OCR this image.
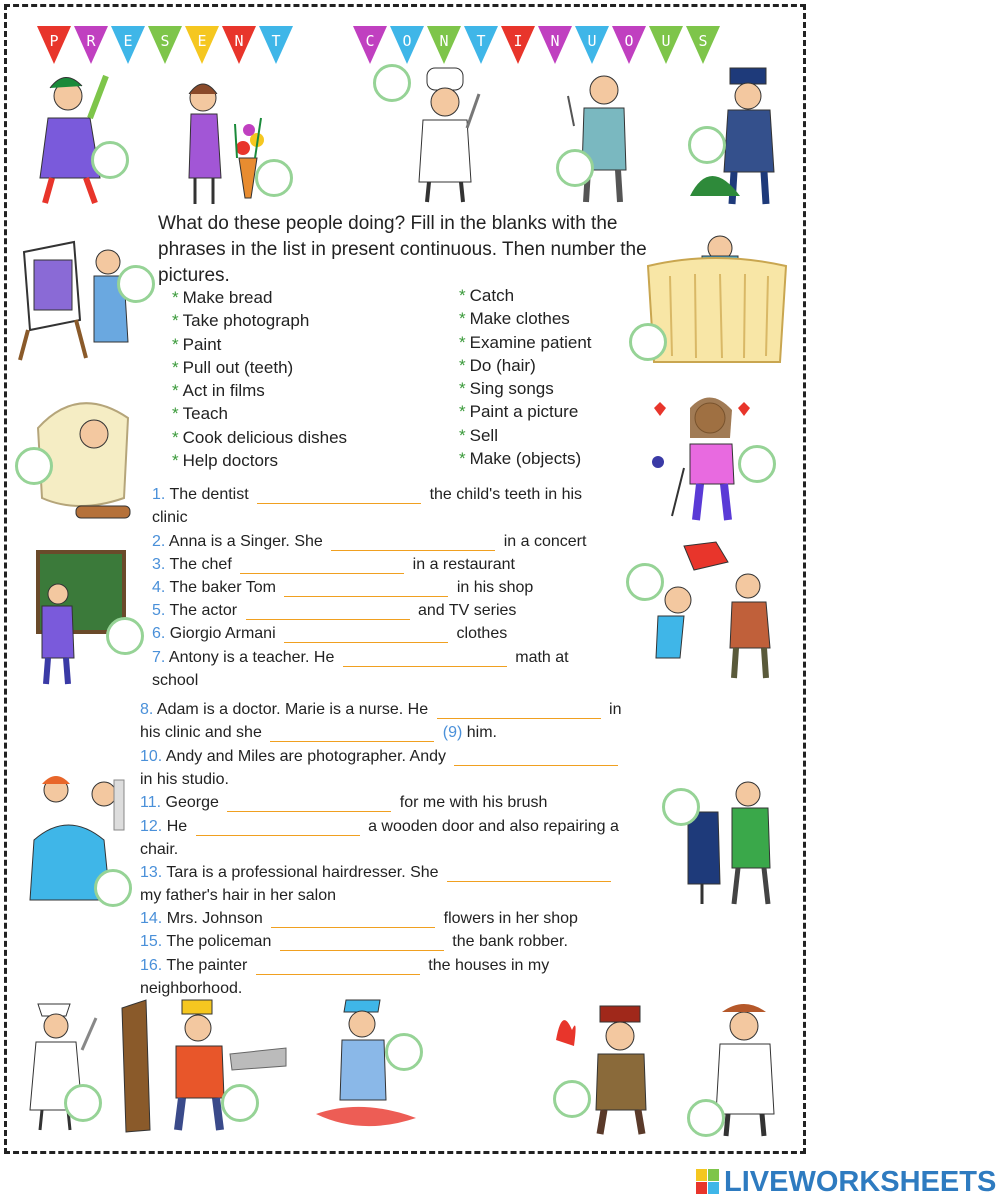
P	R	E	S	E	N	T	C	O	N	T	I	N	U	O	U	S
What do these people doing? Fill in the blanks with the phrases in the list in present continuous. Then number the pictures.
* Make bread
* Take photograph
* Paint
* Pull out (teeth)
* Act in films
* Teach
* Cook delicious dishes
* Help doctors
* Catch
* Make clothes
* Examine patient
* Do (hair)
* Sing songs
* Paint a picture
* Sell
* Make (objects)
1. The dentist	the child's teeth in his
clinic
2. Anna is a Singer. She	in a concert
3. The chef	in a restaurant
4. The baker Tom	in his shop
5. The actor	and TV series
6. Giorgio Armani	clothes
7. Antony is a teacher. He	math at
school
8. Adam is a doctor. Marie is a nurse. He	in
his clinic and she	(9) him.
10. Andy and Miles are photographer. Andy
in his studio.
11. George	for me with his brush
12. He	a wooden door and also repairing a
chair.
13. Tara is a professional hairdresser. She
my father's hair in her salon
14. Mrs. Johnson	flowers in her shop
15. The policeman	the bank robber.
16. The painter	the houses in my
neighborhood.
LIVEWORKSHEETS
